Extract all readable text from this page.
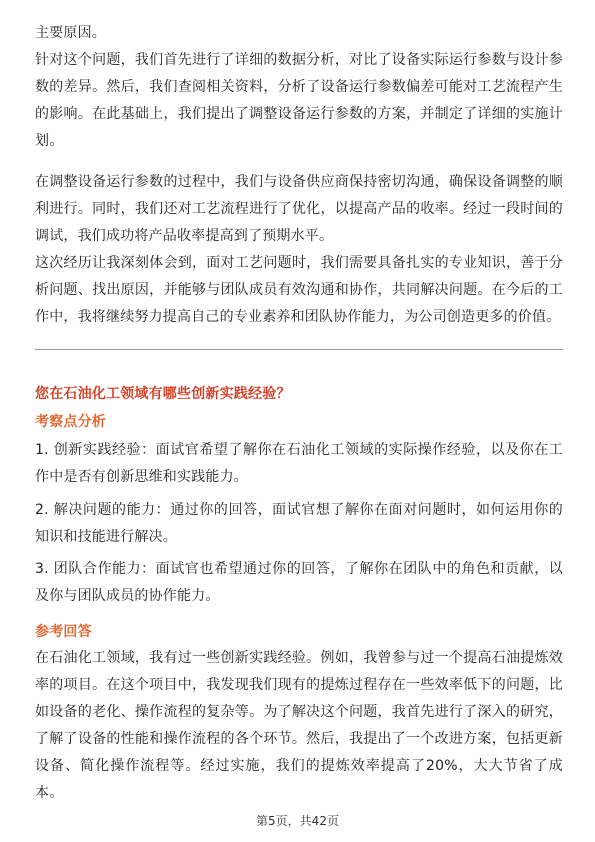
主要原因。

针对这个问题，我们首先进行了详细的数据分析，对比了设备实际运行参数与设计参数的差异。然后，我们查阅相关资料，分析了设备运行参数偏差可能对工艺流程产生的影响。在此基础上，我们提出了调整设备运行参数的方案，并制定了详细的实施计划。

在调整设备运行参数的过程中，我们与设备供应商保持密切沟通，确保设备调整的顺利进行。同时，我们还对工艺流程进行了优化，以提高产品的收率。经过一段时间的调试，我们成功将产品收率提高到了预期水平。

这次经历让我深刻体会到，面对工艺问题时，我们需要具备扎实的专业知识，善于分析问题、找出原因，并能够与团队成员有效沟通和协作，共同解决问题。在今后的工作中，我将继续努力提高自己的专业素养和团队协作能力，为公司创造更多的价值。

您在石油化工领域有哪些创新实践经验？

考察点分析

1. 创新实践经验：面试官希望了解你在石油化工领域的实际操作经验，以及你在工作中是否有创新思维和实践能力。

2. 解决问题的能力：通过你的回答，面试官想了解你在面对问题时，如何运用你的知识和技能进行解决。

3. 团队合作能力：面试官也希望通过你的回答，了解你在团队中的角色和贡献，以及你与团队成员的协作能力。

参考回答

在石油化工领域，我有过一些创新实践经验。例如，我曾参与过一个提高石油提炼效率的项目。在这个项目中，我发现我们现有的提炼过程存在一些效率低下的问题，比如设备的老化、操作流程的复杂等。为了解决这个问题，我首先进行了深入的研究，了解了设备的性能和操作流程的各个环节。然后，我提出了一个改进方案，包括更新设备、简化操作流程等。经过实施，我们的提炼效率提高了20%，大大节省了成本。

第5页，共42页
